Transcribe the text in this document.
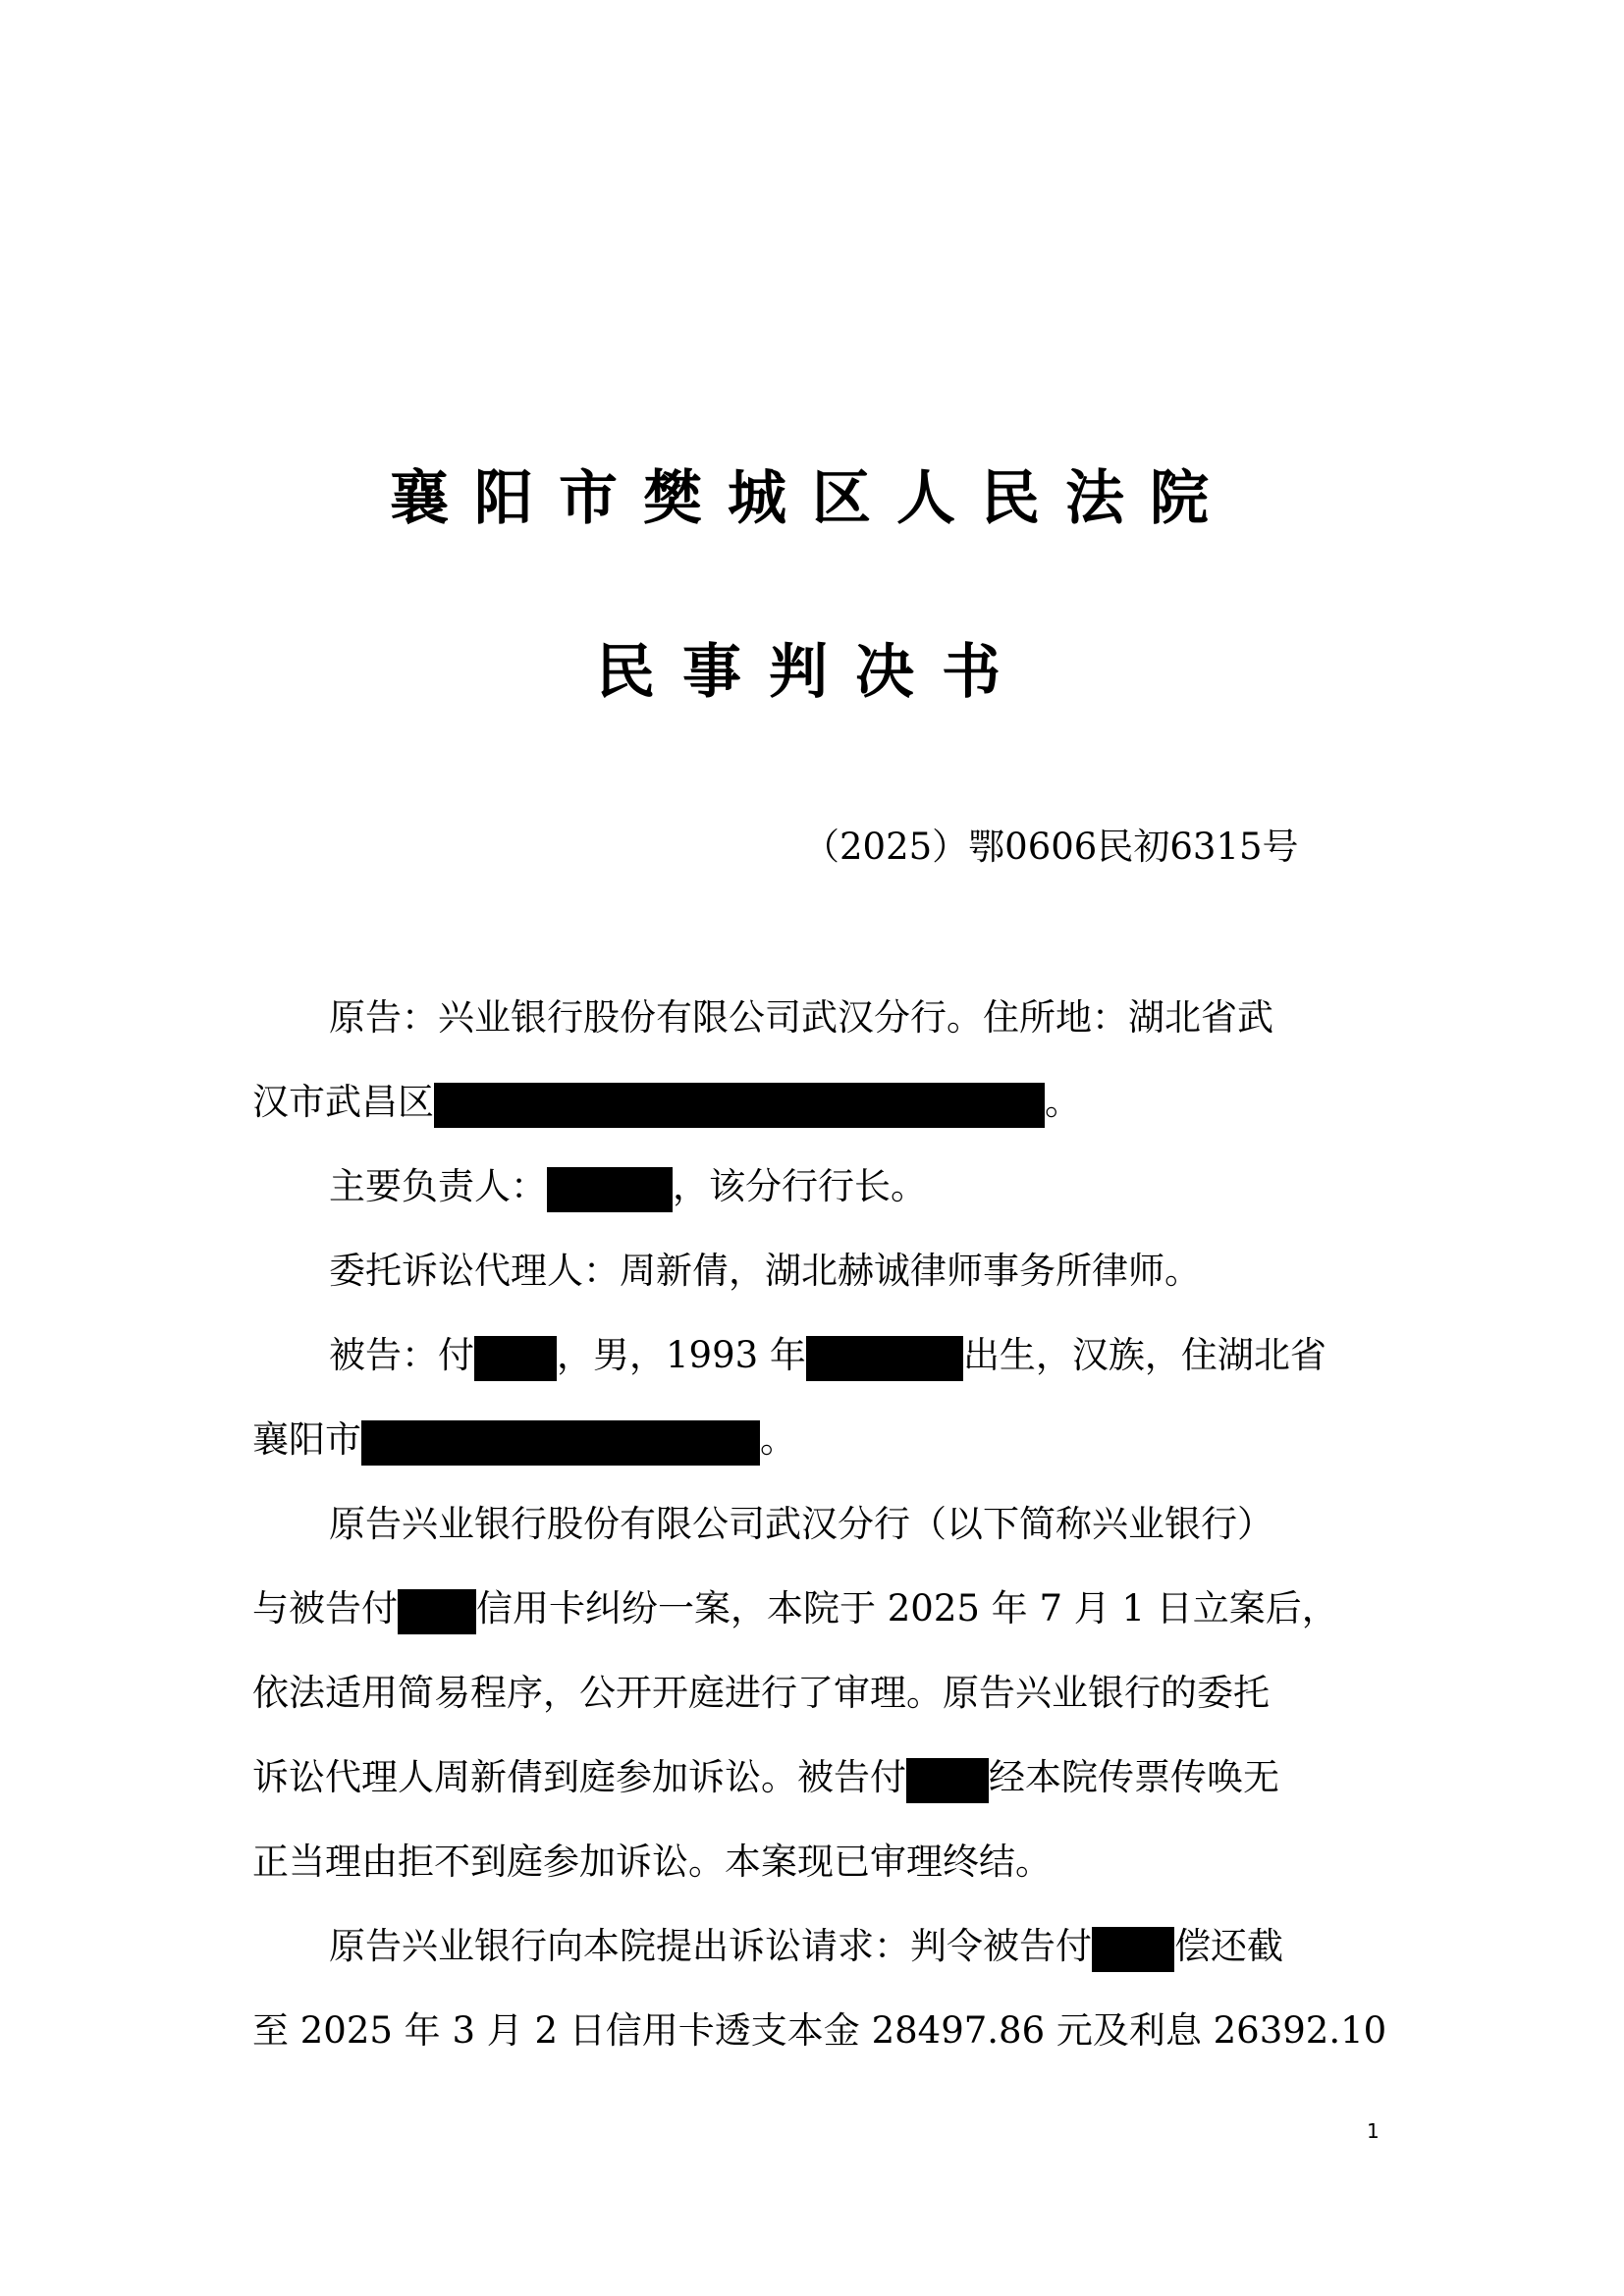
襄阳市樊城区人民法院
民事判决书
（2025）鄂0606民初6315号
原告：兴业银行股份有限公司武汉分行。住所地：湖北省武
汉市武昌区	。
主要负责人：	，该分行行长。
委托诉讼代理人：周新倩，湖北赫诚律师事务所律师。
被告：付 ，男，1993 年	出生，汉族，住湖北省
襄阳市	。
原告兴业银行股份有限公司武汉分行（以下简称兴业银行）
与被告付 信用卡纠纷一案，本院于 2025 年 7 月 1 日立案后，
依法适用简易程序，公开开庭进行了审理。原告兴业银行的委托
诉讼代理人周新倩到庭参加诉讼。被告付 经本院传票传唤无
正当理由拒不到庭参加诉讼。本案现已审理终结。
原告兴业银行向本院提出诉讼请求：判令被告付 偿还截
至 2025 年 3 月 2 日信用卡透支本金 28497.86 元及利息 26392.10
1
